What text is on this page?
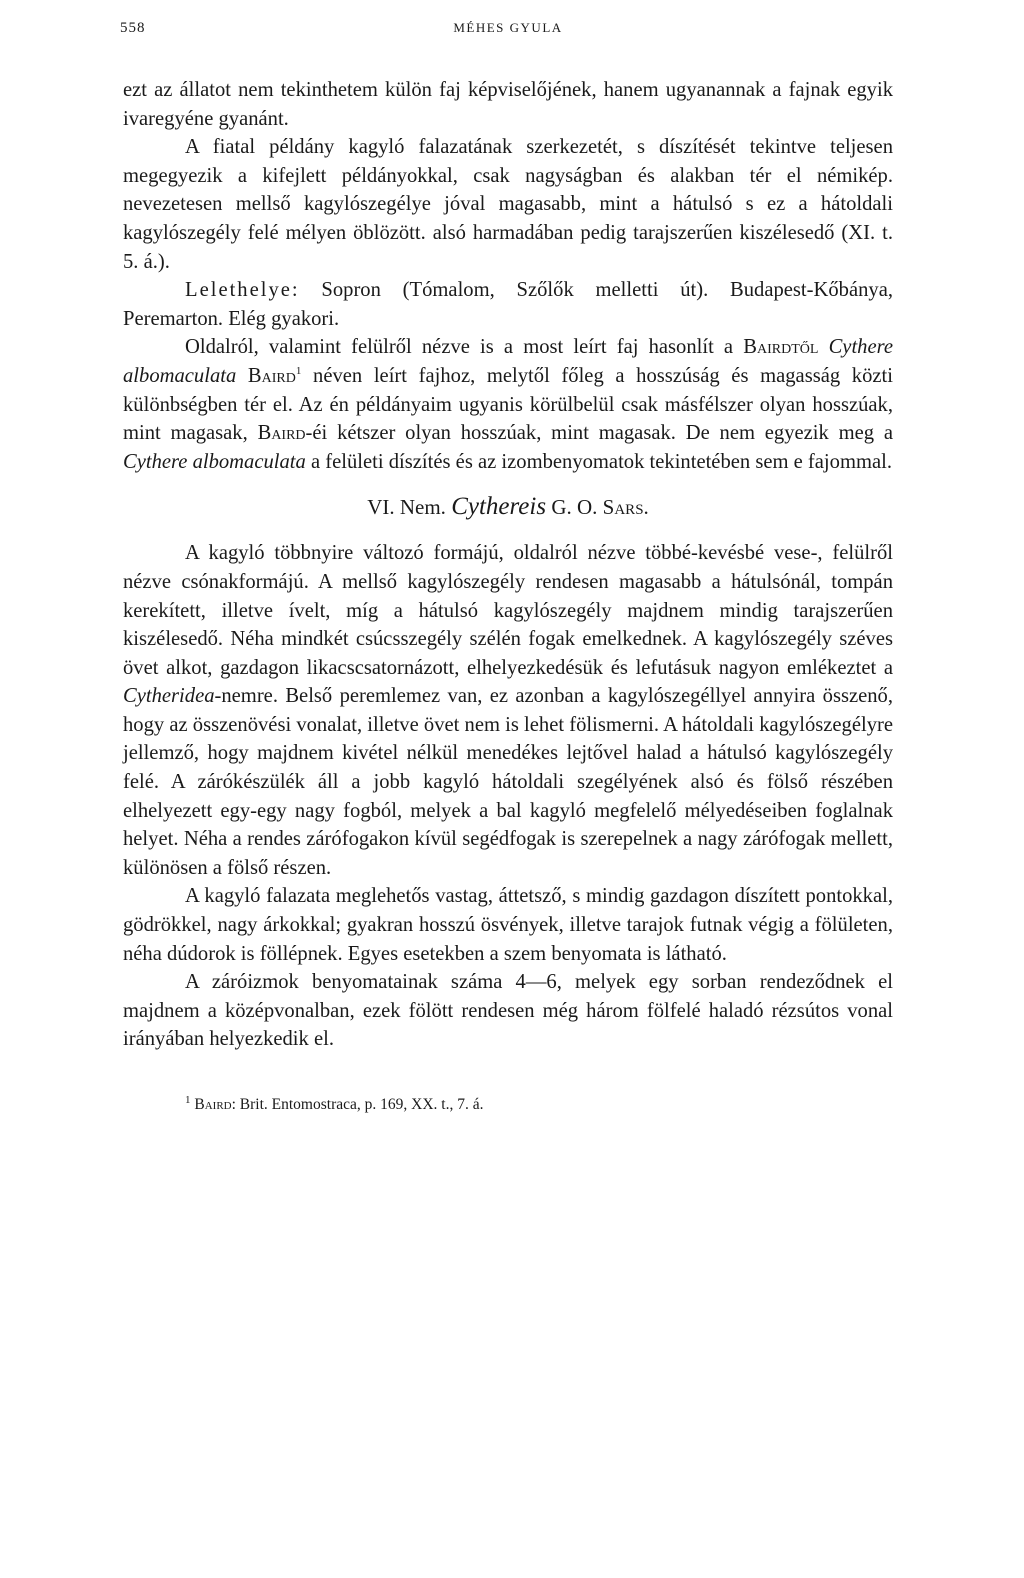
558	MÉHES GYULA

ezt az állatot nem tekinthetem külön faj képviselőjének, hanem ugyanannak a fajnak egyik ivaregyéne gyanánt.

A fiatal példány kagyló falazatának szerkezetét, s díszítését tekintve teljesen megegyezik a kifejlett példányokkal, csak nagyságban és alakban tér el némikép. nevezetesen mellső kagylószegélye jóval magasabb, mint a hátulsó s ez a hátoldali kagylószegély felé mélyen öblözött. alsó harmadában pedig tarajszerűen kiszélesedő (XI. t. 5. á.).

Lelethelye: Sopron (Tómalom, Szőlők melletti út). Budapest-Kőbánya, Peremarton. Elég gyakori.

Oldalról, valamint felülről nézve is a most leírt faj hasonlít a Bairdtől Cythere albomaculata Baird$^1$ néven leírt fajhoz, melytől főleg a hosszúság és magasság közti különbségben tér el. Az én példányaim ugyanis körülbelül csak másfélszer olyan hosszúak, mint magasak, Baird-éi kétszer olyan hosszúak, mint magasak. De nem egyezik meg a Cythere albomaculata a felületi díszítés és az izombenyomatok tekintetében sem e fajommal.

VI. Nem. Cythereis G. O. Sars.

A kagyló többnyire változó formájú, oldalról nézve többé-kevésbé vese-, felülről nézve csónakformájú. A mellső kagylószegély rendesen magasabb a hátulsónál, tompán kerekített, illetve ívelt, míg a hátulsó kagylószegély majdnem mindig tarajszerűen kiszélesedő. Néha mindkét csúcsszegély szélén fogak emelkednek. A kagylószegély széves övet alkot, gazdagon likacscsatornázott, elhelyezkedésük és lefutásuk nagyon emlékeztet a Cytheridea-nemre. Belső peremlemez van, ez azonban a kagylószegéllyel annyira összenő, hogy az összenövési vonalat, illetve övet nem is lehet fölismerni. A hátoldali kagylószegélyre jellemző, hogy majdnem kivétel nélkül menedékes lejtővel halad a hátulsó kagylószegély felé. A zárókészülék áll a jobb kagyló hátoldali szegélyének alsó és fölső részében elhelyezett egy-egy nagy fogból, melyek a bal kagyló megfelelő mélyedéseiben foglalnak helyet. Néha a rendes zárófogakon kívül segédfogak is szerepelnek a nagy zárófogak mellett, különösen a fölső részen.

A kagyló falazata meglehetős vastag, áttetsző, s mindig gazdagon díszített pontokkal, gödrökkel, nagy árkokkal; gyakran hosszú ösvények, illetve tarajok futnak végig a fölületen, néha dúdorok is föllépnek. Egyes esetekben a szem benyomata is látható.

A záróizmok benyomatainak száma 4—6, melyek egy sorban rendeződnek el majdnem a középvonalban, ezek fölött rendesen még három fölfelé haladó rézsútos vonal irányában helyezkedik el.

$^1$ Baird: Brit. Entomostraca, p. 169, XX. t., 7. á.
